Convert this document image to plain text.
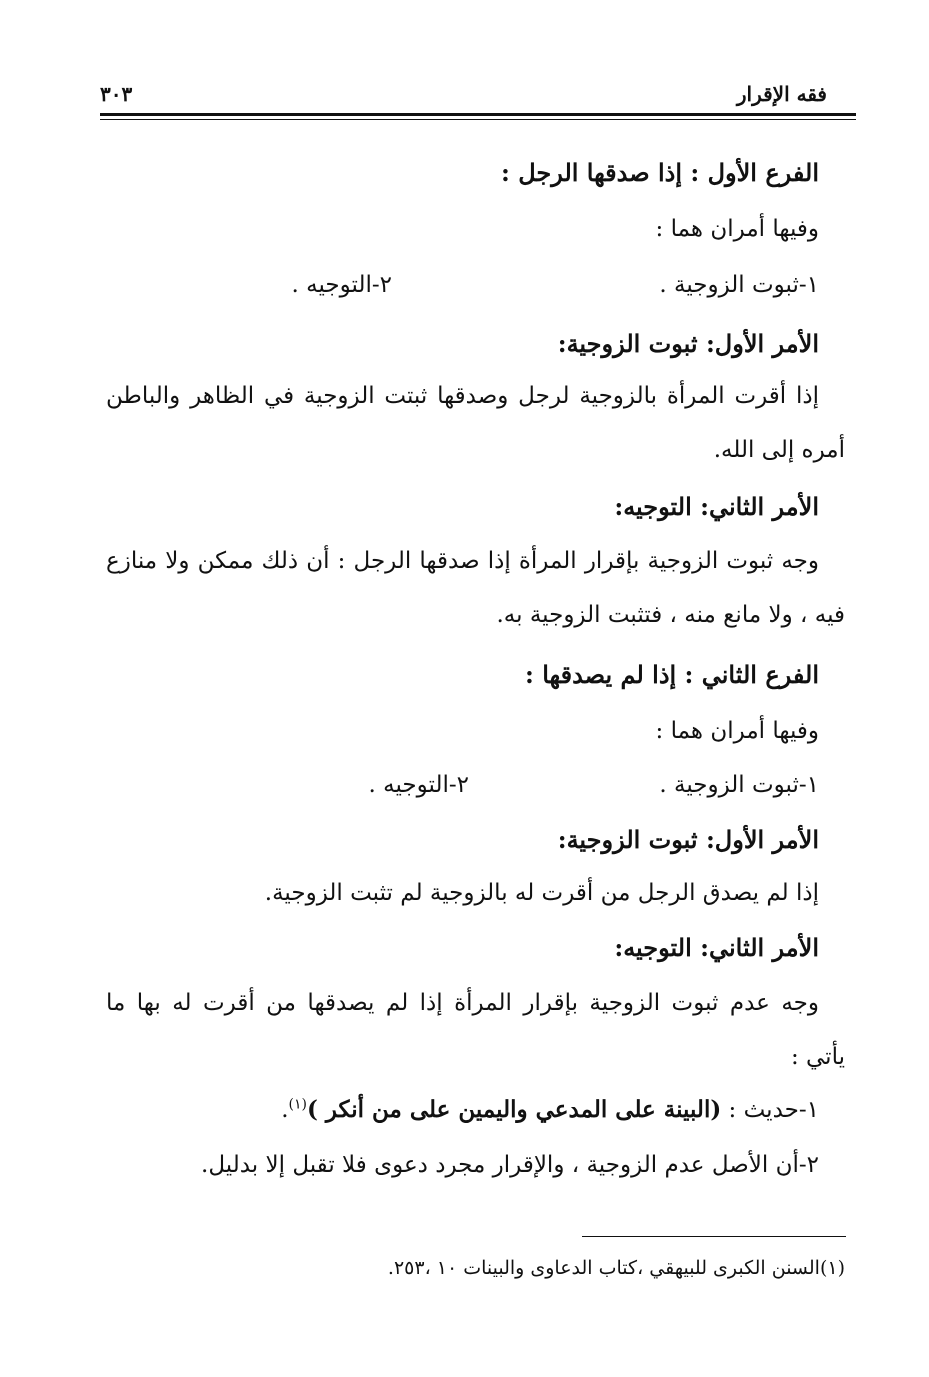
فقه الإقرار
٣٠٣
الفرع الأول : إذا صدقها الرجل :
وفيها أمران هما :
١-ثبوت الزوجية .
٢-التوجيه .
الأمر الأول: ثبوت الزوجية:
إذا أقرت المرأة بالزوجية لرجل وصدقها ثبتت الزوجية في الظاهر والباطن
أمره إلى الله.
الأمر الثاني: التوجيه:
وجه ثبوت الزوجية بإقرار المرأة إذا صدقها الرجل : أن ذلك ممكن ولا منازع
فيه ، ولا مانع منه ، فتثبت الزوجية به.
الفرع الثاني : إذا لم يصدقها :
وفيها أمران هما :
١-ثبوت الزوجية .
٢-التوجيه .
الأمر الأول: ثبوت الزوجية:
إذا لم يصدق الرجل من أقرت له بالزوجية لم تثبت الزوجية.
الأمر الثاني: التوجيه:
وجه عدم ثبوت الزوجية بإقرار المرأة إذا لم يصدقها من أقرت له بها ما
يأتي :
١-حديث : (البينة على المدعي واليمين على من أنكر )$^{(١)}$.
٢-أن الأصل عدم الزوجية ، والإقرار مجرد دعوى فلا تقبل إلا بدليل.
(١)السنن الكبرى للبيهقي ،كتاب الدعاوى والبينات ١٠ ،٢٥٣.
